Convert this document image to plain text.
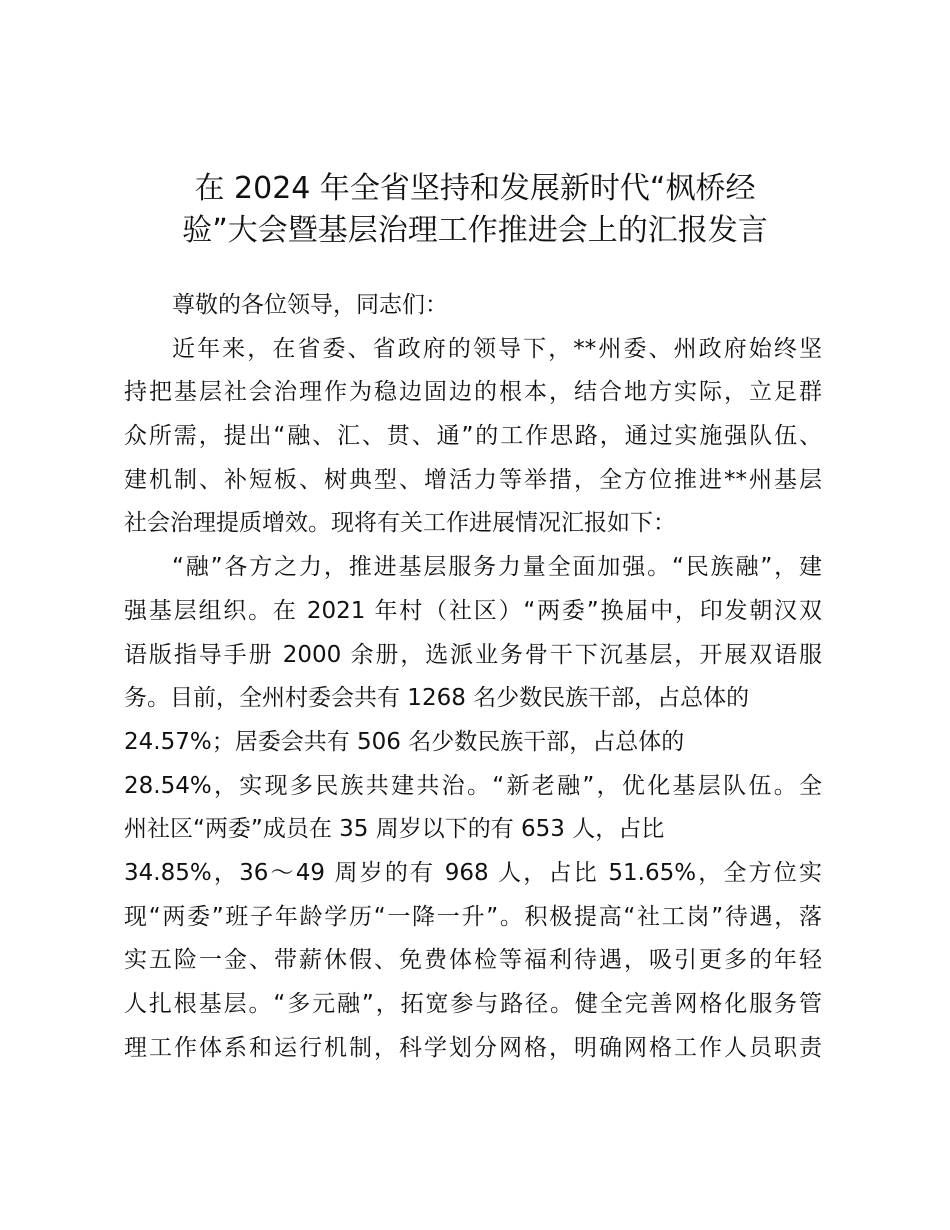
在 2024 年全省坚持和发展新时代“枫桥经
验”大会暨基层治理工作推进会上的汇报发言
尊敬的各位领导，同志们：
近年来，在省委、省政府的领导下，**州委、州政府始终坚
持把基层社会治理作为稳边固边的根本，结合地方实际，立足群
众所需，提出“融、汇、贯、通”的工作思路，通过实施强队伍、
建机制、补短板、树典型、增活力等举措，全方位推进**州基层
社会治理提质增效。现将有关工作进展情况汇报如下：
“融”各方之力，推进基层服务力量全面加强。“民族融”，建
强基层组织。在 2021 年村（社区）“两委”换届中，印发朝汉双
语版指导手册 2000 余册，选派业务骨干下沉基层，开展双语服
务。目前，全州村委会共有 1268 名少数民族干部，占总体的
24.57%；居委会共有 506 名少数民族干部，占总体的
28.54%，实现多民族共建共治。“新老融”，优化基层队伍。全
州社区“两委”成员在 35 周岁以下的有 653 人，占比
34.85%，36～49 周岁的有 968 人，占比 51.65%，全方位实
现“两委”班子年龄学历“一降一升”。积极提高“社工岗”待遇，落
实五险一金、带薪休假、免费体检等福利待遇，吸引更多的年轻
人扎根基层。“多元融”，拓宽参与路径。健全完善网格化服务管
理工作体系和运行机制，科学划分网格，明确网格工作人员职责
